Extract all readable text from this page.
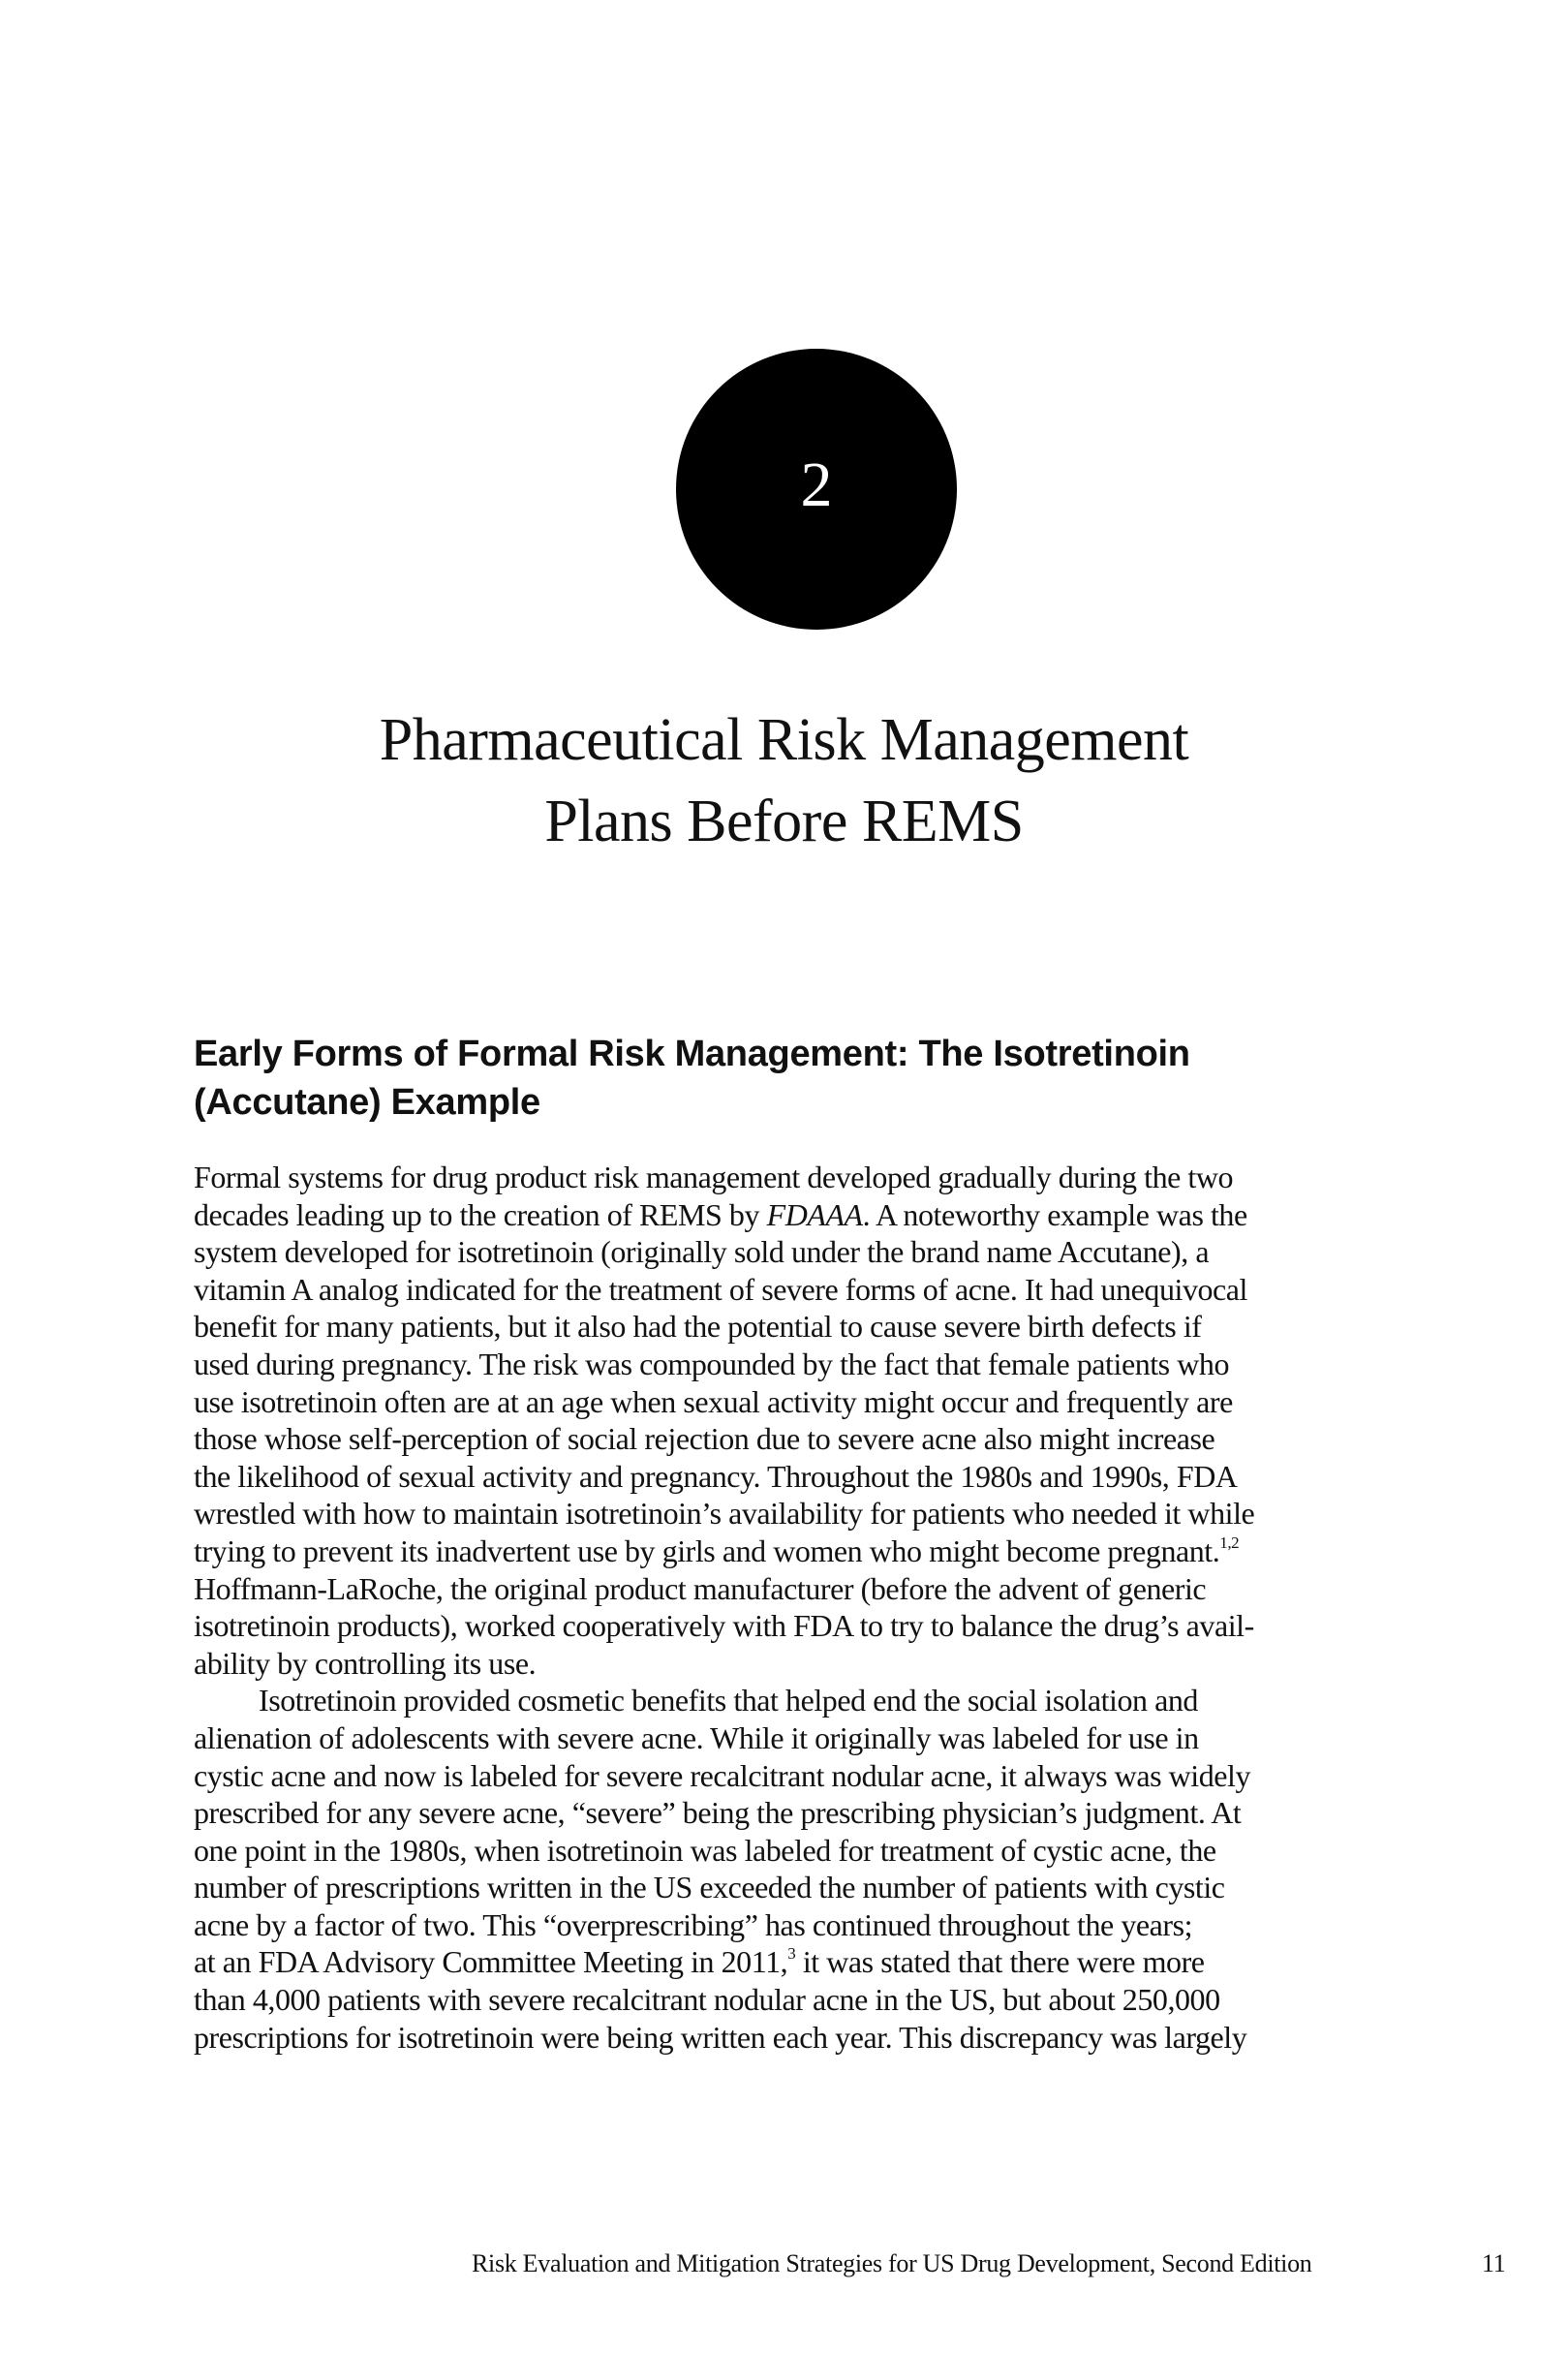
2
Pharmaceutical Risk Management
Plans Before REMS
Early Forms of Formal Risk Management: The Isotretinoin
(Accutane) Example
Formal systems for drug product risk management developed gradually during the two
decades leading up to the creation of REMS by FDAAA. A noteworthy example was the
system developed for isotretinoin (originally sold under the brand name Accutane), a
vitamin A analog indicated for the treatment of severe forms of acne. It had unequivocal
benefit for many patients, but it also had the potential to cause severe birth defects if
used during pregnancy. The risk was compounded by the fact that female patients who
use isotretinoin often are at an age when sexual activity might occur and frequently are
those whose self-perception of social rejection due to severe acne also might increase
the likelihood of sexual activity and pregnancy. Throughout the 1980s and 1990s, FDA
wrestled with how to maintain isotretinoin’s availability for patients who needed it while
trying to prevent its inadvertent use by girls and women who might become pregnant.$^{1,2}$
Hoffmann-LaRoche, the original product manufacturer (before the advent of generic
isotretinoin products), worked cooperatively with FDA to try to balance the drug’s avail-
ability by controlling its use.
Isotretinoin provided cosmetic benefits that helped end the social isolation and
alienation of adolescents with severe acne. While it originally was labeled for use in
cystic acne and now is labeled for severe recalcitrant nodular acne, it always was widely
prescribed for any severe acne, “severe” being the prescribing physician’s judgment. At
one point in the 1980s, when isotretinoin was labeled for treatment of cystic acne, the
number of prescriptions written in the US exceeded the number of patients with cystic
acne by a factor of two. This “overprescribing” has continued throughout the years;
at an FDA Advisory Committee Meeting in 2011,$^3$ it was stated that there were more
than 4,000 patients with severe recalcitrant nodular acne in the US, but about 250,000
prescriptions for isotretinoin were being written each year. This discrepancy was largely
Risk Evaluation and Mitigation Strategies for US Drug Development, Second Edition	11
